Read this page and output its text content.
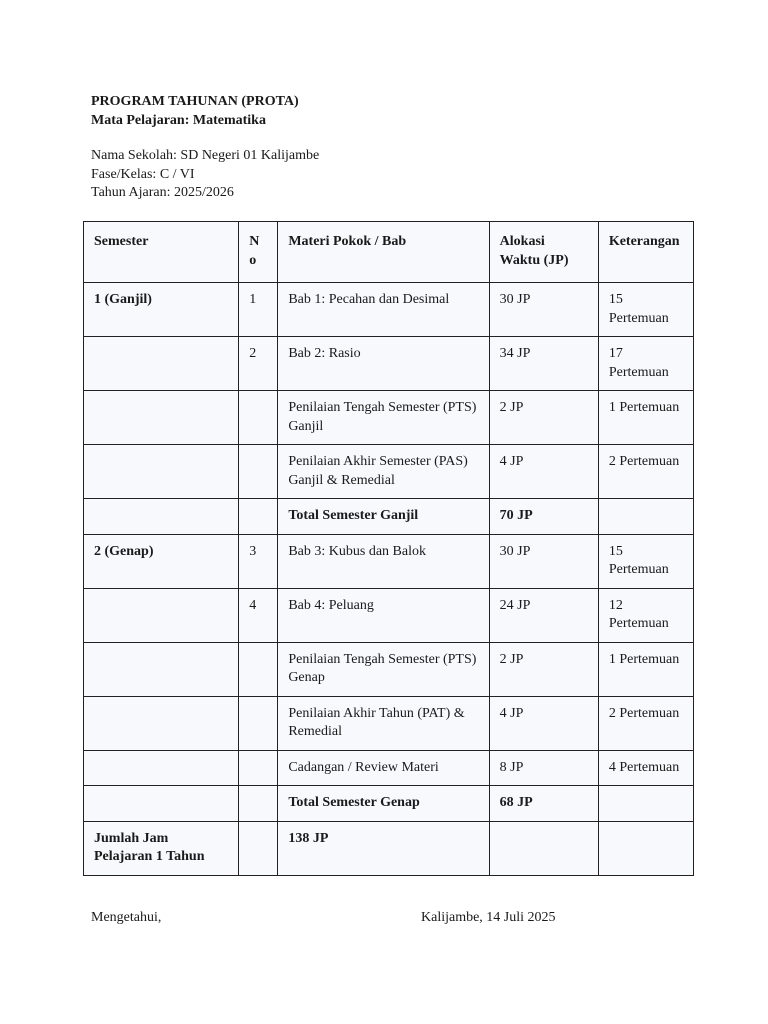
PROGRAM TAHUNAN (PROTA)
Mata Pelajaran: Matematika
Nama Sekolah: SD Negeri 01 Kalijambe
Fase/Kelas: C / VI
Tahun Ajaran: 2025/2026
Semester	N o	Materi Pokok / Bab	Alokasi Waktu (JP)	Keterangan
1 (Ganjil)	1	Bab 1: Pecahan dan Desimal	30 JP	15 Pertemuan
	2	Bab 2: Rasio	34 JP	17 Pertemuan
		Penilaian Tengah Semester (PTS) Ganjil	2 JP	1 Pertemuan
		Penilaian Akhir Semester (PAS) Ganjil & Remedial	4 JP	2 Pertemuan
		Total Semester Ganjil	70 JP	
2 (Genap)	3	Bab 3: Kubus dan Balok	30 JP	15 Pertemuan
	4	Bab 4: Peluang	24 JP	12 Pertemuan
		Penilaian Tengah Semester (PTS) Genap	2 JP	1 Pertemuan
		Penilaian Akhir Tahun (PAT) & Remedial	4 JP	2 Pertemuan
		Cadangan / Review Materi	8 JP	4 Pertemuan
		Total Semester Genap	68 JP	
Jumlah Jam Pelajaran 1 Tahun		138 JP		
Mengetahui,	Kalijambe, 14 Juli 2025
